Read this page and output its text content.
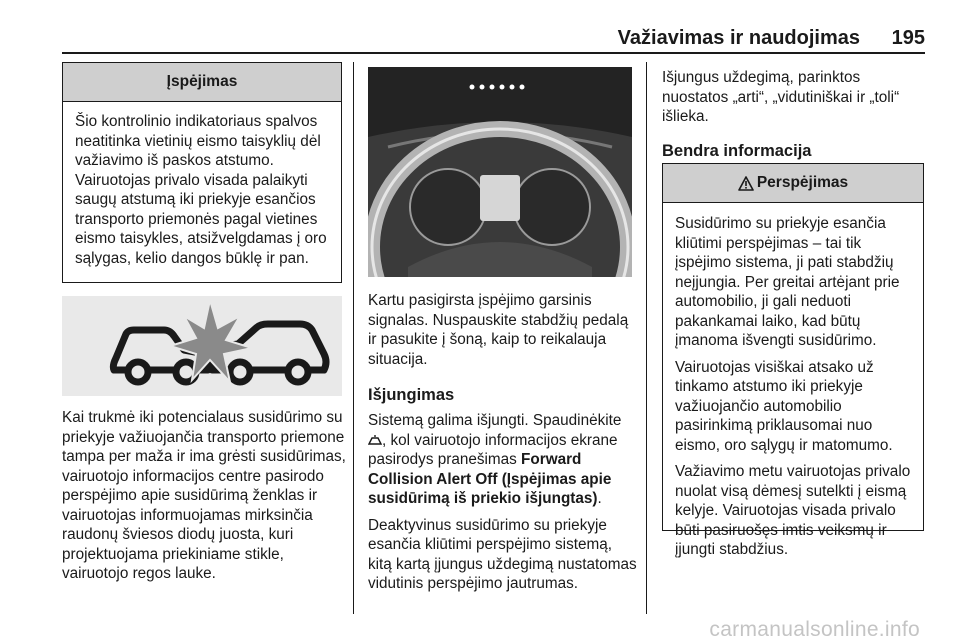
Važiavimas ir naudojimas 195
Įspėjimas

Šio kontrolinio indikatoriaus spalvos neatitinka vietinių eismo taisyklių dėl važiavimo iš paskos atstumo. Vairuotojas privalo visada palaikyti saugų atstumą iki priekyje esančios transporto priemonės pagal vietines eismo taisykles, atsižvelgdamas į oro sąlygas, kelio dangos būklę ir pan.

Kai trukmė iki potencialaus susidūrimo su priekyje važiuojančia transporto priemone tampa per maža ir ima grėsti susidūrimas, vairuotojo informacijos centre pasirodo perspėjimo apie susidūrimą ženklas ir vairuotojas informuojamas mirksinčia raudonų šviesos diodų juosta, kuri projektuojama priekiniame stikle, vairuotojo regos lauke.

Kartu pasigirsta įspėjimo garsinis signalas. Nuspauskite stabdžių pedalą ir pasukite į šoną, kaip to reikalauja situacija.

Išjungimas

Sistemą galima išjungti. Spaudinėkite , kol vairuotojo informacijos ekrane pasirodys pranešimas Forward Collision Alert Off (Įspėjimas apie susidūrimą iš priekio išjungtas).

Deaktyvinus susidūrimo su priekyje esančia kliūtimi perspėjimo sistemą, kitą kartą įjungus uždegimą nustatomas vidutinis perspėjimo jautrumas.

Išjungus uždegimą, parinktos nuostatos „arti“, „vidutiniškai ir „toli“ išlieka.

Bendra informacija

Perspėjimas

Susidūrimo su priekyje esančia kliūtimi perspėjimas – tai tik įspėjimo sistema, ji pati stabdžių neįjungia. Per greitai artėjant prie automobilio, ji gali neduoti pakankamai laiko, kad būtų įmanoma išvengti susidūrimo.

Vairuotojas visiškai atsako už tinkamo atstumo iki priekyje važiuojančio automobilio pasirinkimą priklausomai nuo eismo, oro sąlygų ir matomumo.

Važiavimo metu vairuotojas privalo nuolat visą dėmesį sutelkti į eismą kelyje. Vairuotojas visada privalo būti pasiruošęs imtis veiksmų ir įjungti stabdžius.

carmanualsonline.info
